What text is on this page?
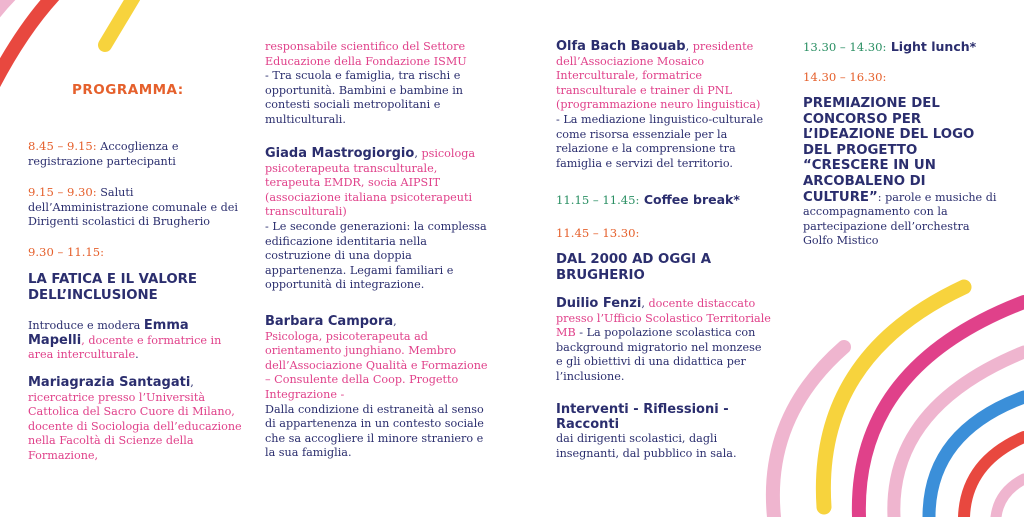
PROGRAMMA:

8.45 – 9.15: Accoglienza e registrazione partecipanti

9.15 – 9.30: Saluti dell’Amministrazione comunale e dei Dirigenti scolastici di Brugherio

9.30 – 11.15:

LA FATICA E IL VALORE DELL’INCLUSIONE

Introduce e modera Emma Mapelli, docente e formatrice in area interculturale.

Mariagrazia Santagati,
ricercatrice presso l’Università Cattolica del Sacro Cuore di Milano, docente di Sociologia dell’educazione nella Facoltà di Scienze della Formazione,

responsabile scientifico del Settore Educazione della Fondazione ISMU
- Tra scuola e famiglia, tra rischi e opportunità. Bambini e bambine in contesti sociali metropolitani e multiculturali.

Giada Mastrogiorgio, psicologa psicoterapeuta transculturale, terapeuta EMDR, socia AIPSIT (associazione italiana psicoterapeuti transculturali)
- Le seconde generazioni: la complessa edificazione identitaria nella costruzione di una doppia appartenenza. Legami familiari e opportunità di integrazione.

Barbara Campora,
Psicologa, psicoterapeuta ad orientamento junghiano. Membro dell’Associazione Qualità e Formazione – Consulente della Coop. Progetto Integrazione -
Dalla condizione di estraneità al senso di appartenenza in un contesto sociale che sa accogliere il minore straniero e la sua famiglia.

Olfa Bach Baouab, presidente dell’Associazione Mosaico Interculturale, formatrice transculturale e trainer di PNL (programmazione neuro linguistica)
- La mediazione linguistico-culturale come risorsa essenziale per la relazione e la comprensione tra famiglia e servizi del territorio.

11.15 – 11.45: Coffee break*

11.45 – 13.30:

DAL 2000 AD OGGI A BRUGHERIO

Duilio Fenzi, docente distaccato presso l’Ufficio Scolastico Territoriale MB - La popolazione scolastica con background migratorio nel monzese e gli obiettivi di una didattica per l’inclusione.

Interventi - Riflessioni - Racconti
dai dirigenti scolastici, dagli insegnanti, dal pubblico in sala.

13.30 – 14.30: Light lunch*

14.30 – 16.30:

PREMIAZIONE DEL CONCORSO PER L’IDEAZIONE DEL LOGO DEL PROGETTO “CRESCERE IN UN ARCOBALENO DI CULTURE”: parole e musiche di accompagnamento con la partecipazione dell’orchestra Golfo Mistico
